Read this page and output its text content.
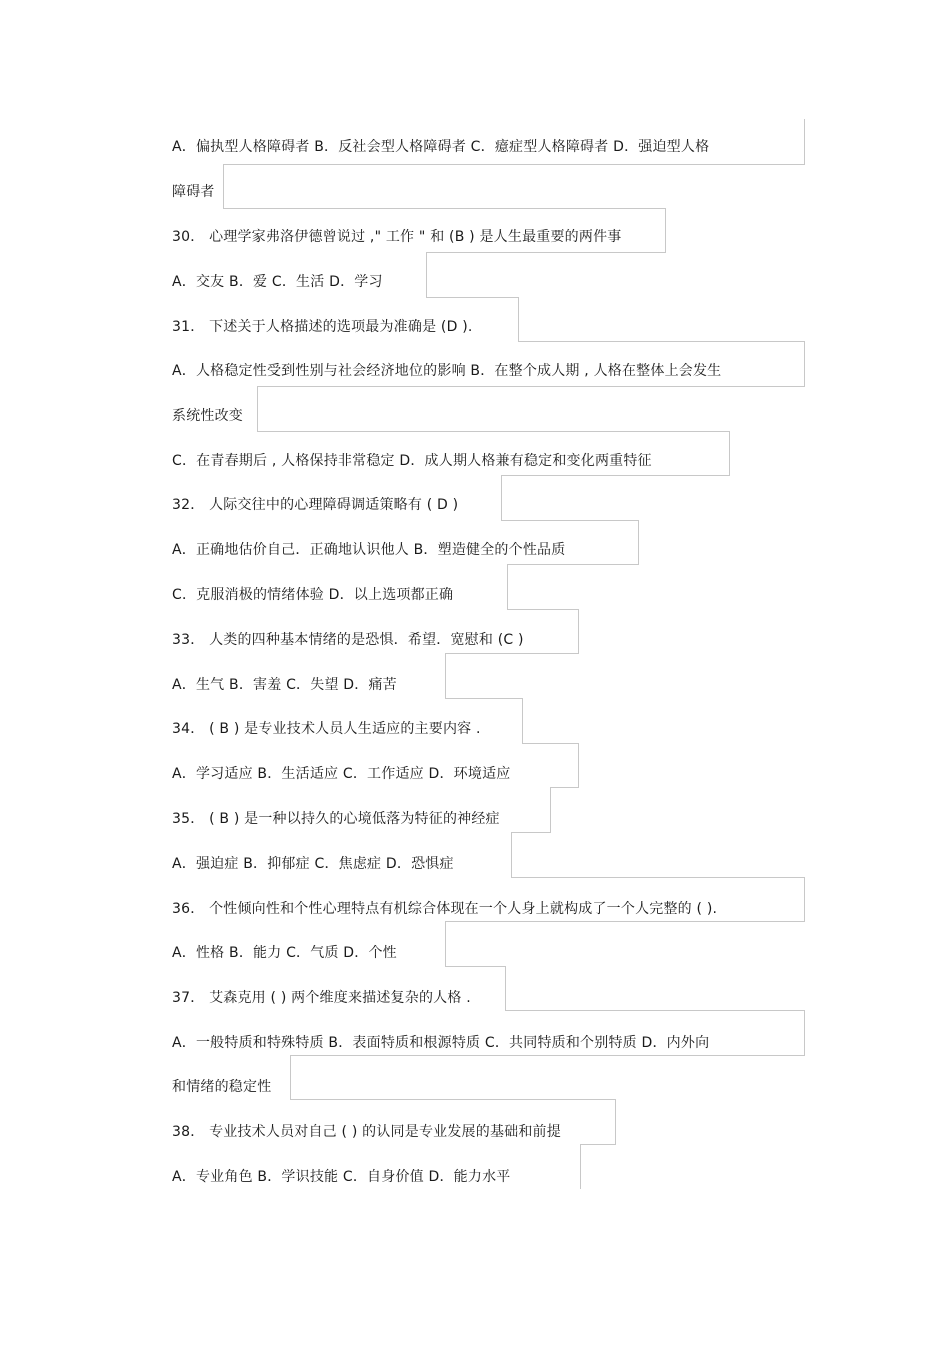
A．偏执型人格障碍者 B．反社会型人格障碍者 C．癔症型人格障碍者 D．强迫型人格
障碍者
30． 心理学家弗洛伊德曾说过 ," 工作 " 和 (B ) 是人生最重要的两件事
A．交友 B．爱 C．生活 D．学习
31． 下述关于人格描述的选项最为准确是 (D ).
A．人格稳定性受到性别与社会经济地位的影响 B．在整个成人期 , 人格在整体上会发生
系统性改变
C．在青春期后 , 人格保持非常稳定 D．成人期人格兼有稳定和变化两重特征
32． 人际交往中的心理障碍调适策略有 ( D )
A．正确地估价自己．正确地认识他人 B．塑造健全的个性品质
C．克服消极的情绪体验 D．以上选项都正确
33． 人类的四种基本情绪的是恐惧．希望．宽慰和 (C )
A．生气 B．害羞 C．失望 D．痛苦
34． ( B ) 是专业技术人员人生适应的主要内容 .
A．学习适应 B．生活适应 C．工作适应 D．环境适应
35． ( B ) 是一种以持久的心境低落为特征的神经症
A．强迫症 B．抑郁症 C．焦虑症 D．恐惧症
36． 个性倾向性和个性心理特点有机综合体现在一个人身上就构成了一个人完整的 ( ).
A．性格 B．能力 C．气质 D．个性
37． 艾森克用 ( ) 两个维度来描述复杂的人格 .
A．一般特质和特殊特质 B．表面特质和根源特质 C．共同特质和个别特质 D．内外向
和情绪的稳定性
38． 专业技术人员对自己 ( ) 的认同是专业发展的基础和前提
A．专业角色 B．学识技能 C．自身价值 D．能力水平
